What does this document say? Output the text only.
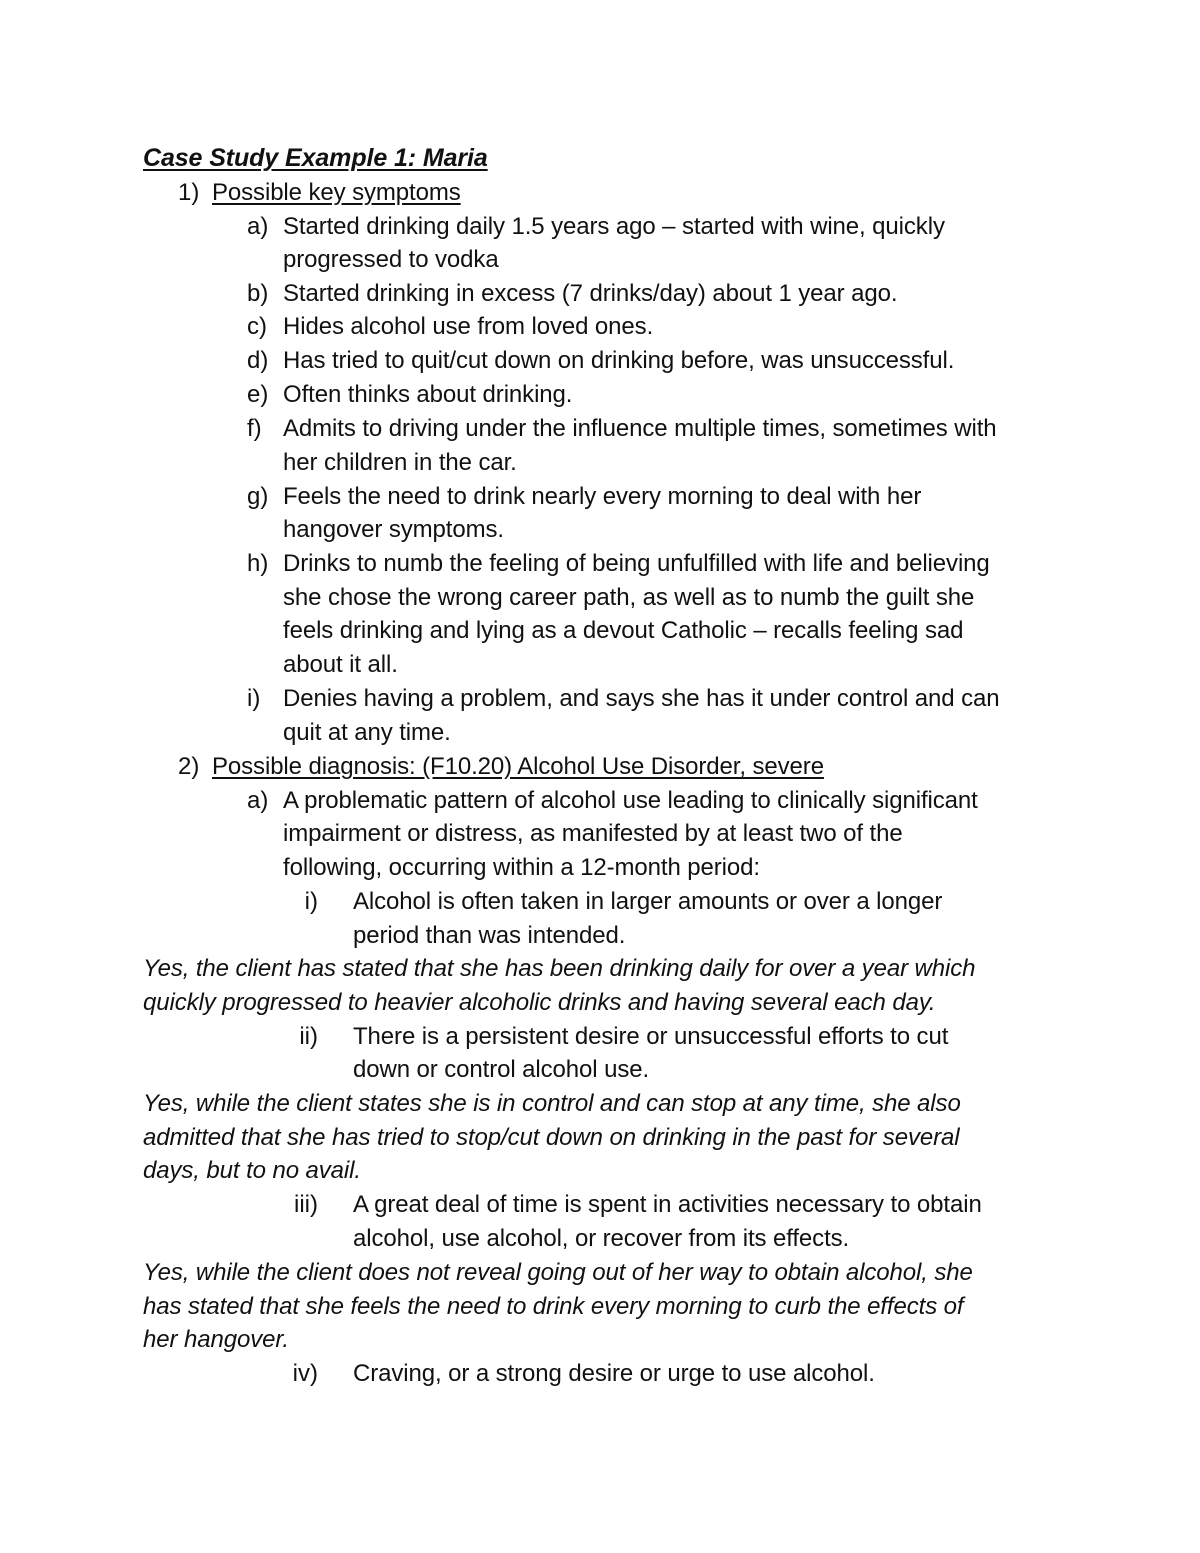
Case Study Example 1: Maria
1) Possible key symptoms
a) Started drinking daily 1.5 years ago – started with wine, quickly
progressed to vodka
b) Started drinking in excess (7 drinks/day) about 1 year ago.
c) Hides alcohol use from loved ones.
d) Has tried to quit/cut down on drinking before, was unsuccessful.
e) Often thinks about drinking.
f) Admits to driving under the influence multiple times, sometimes with
her children in the car.
g) Feels the need to drink nearly every morning to deal with her
hangover symptoms.
h) Drinks to numb the feeling of being unfulfilled with life and believing
she chose the wrong career path, as well as to numb the guilt she
feels drinking and lying as a devout Catholic – recalls feeling sad
about it all.
i) Denies having a problem, and says she has it under control and can
quit at any time.
2) Possible diagnosis: (F10.20) Alcohol Use Disorder, severe
a) A problematic pattern of alcohol use leading to clinically significant
impairment or distress, as manifested by at least two of the
following, occurring within a 12-month period:
i) Alcohol is often taken in larger amounts or over a longer
period than was intended.
Yes, the client has stated that she has been drinking daily for over a year which
quickly progressed to heavier alcoholic drinks and having several each day.
ii) There is a persistent desire or unsuccessful efforts to cut
down or control alcohol use.
Yes, while the client states she is in control and can stop at any time, she also
admitted that she has tried to stop/cut down on drinking in the past for several
days, but to no avail.
iii) A great deal of time is spent in activities necessary to obtain
alcohol, use alcohol, or recover from its effects.
Yes, while the client does not reveal going out of her way to obtain alcohol, she
has stated that she feels the need to drink every morning to curb the effects of
her hangover.
iv) Craving, or a strong desire or urge to use alcohol.
